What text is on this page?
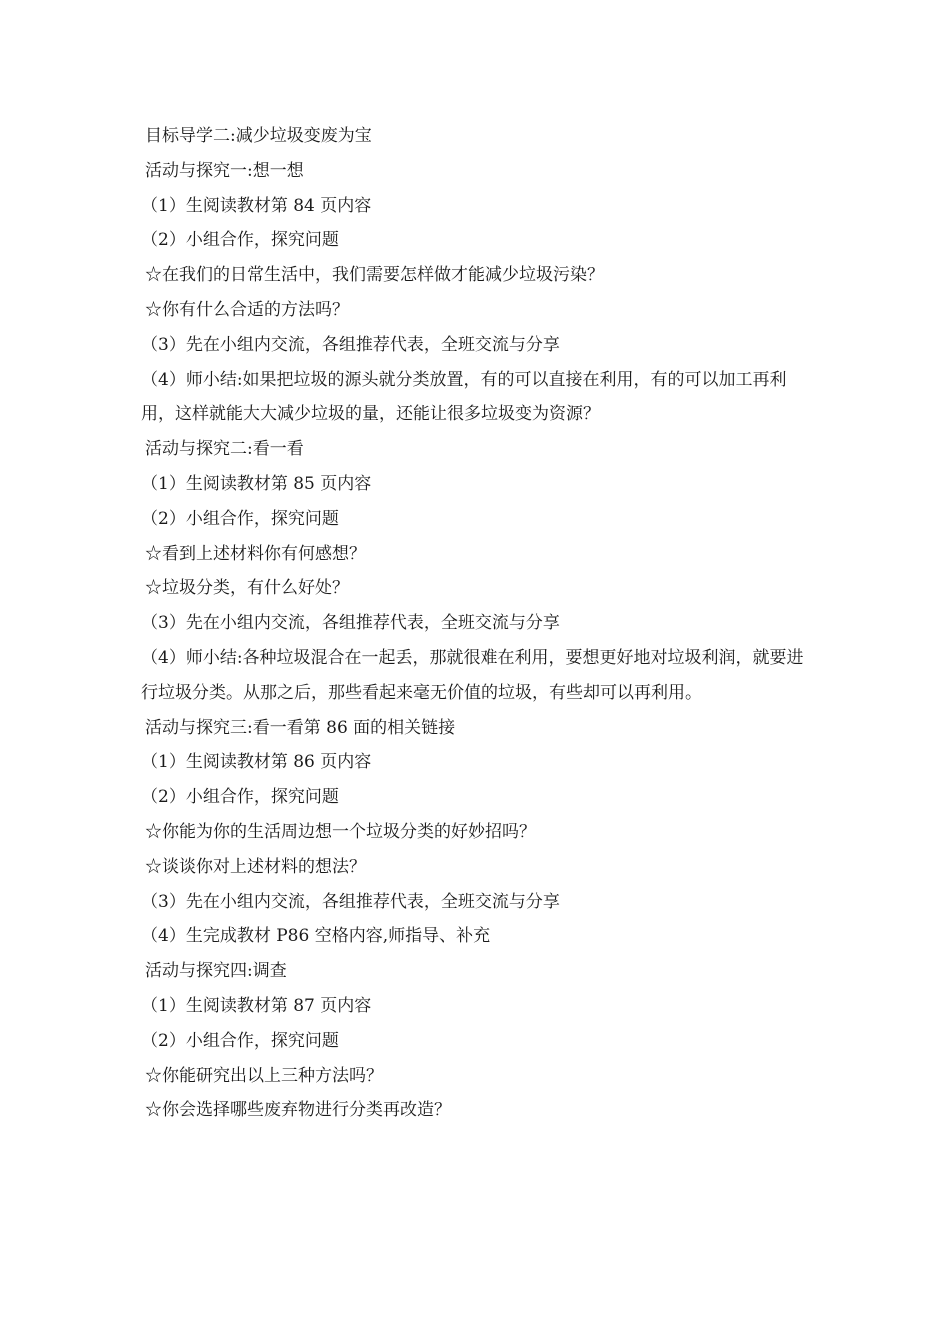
目标导学二:减少垃圾变废为宝
活动与探究一:想一想
（1）生阅读教材第 84 页内容
（2）小组合作，探究问题
☆在我们的日常生活中，我们需要怎样做才能减少垃圾污染？
☆你有什么合适的方法吗？
（3）先在小组内交流，各组推荐代表，全班交流与分享
（4）师小结:如果把垃圾的源头就分类放置，有的可以直接在利用，有的可以加工再利用，这样就能大大减少垃圾的量，还能让很多垃圾变为资源？
活动与探究二:看一看
（1）生阅读教材第 85 页内容
（2）小组合作，探究问题
☆看到上述材料你有何感想？
☆垃圾分类，有什么好处？
（3）先在小组内交流，各组推荐代表，全班交流与分享
（4）师小结:各种垃圾混合在一起丢，那就很难在利用，要想更好地对垃圾利润，就要进行垃圾分类。从那之后，那些看起来毫无价值的垃圾，有些却可以再利用。
活动与探究三:看一看第 86 面的相关链接
（1）生阅读教材第 86 页内容
（2）小组合作，探究问题
☆你能为你的生活周边想一个垃圾分类的好妙招吗？
☆谈谈你对上述材料的想法？
（3）先在小组内交流，各组推荐代表，全班交流与分享
（4）生完成教材 P86 空格内容,师指导、补充
活动与探究四:调查
（1）生阅读教材第 87 页内容
（2）小组合作，探究问题
☆你能研究出以上三种方法吗？
☆你会选择哪些废弃物进行分类再改造？
